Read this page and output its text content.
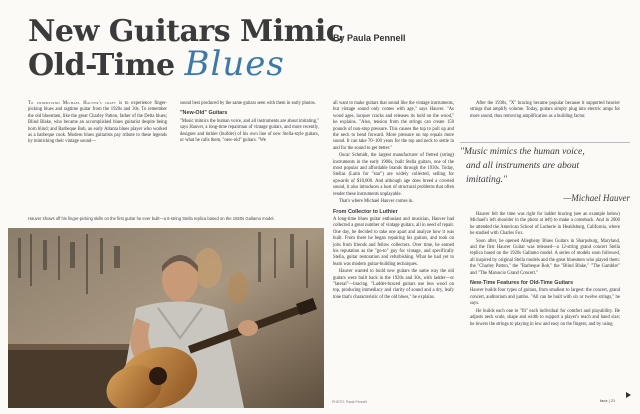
New Guitars Mimic
Old-Time Blues
By Paula Pennell

To understand Michael Hauver's craft is to experience finger-picking blues and ragtime guitar from the 1920s and 30s. To remember the old bluesmen, like the great Charley Patton, father of the Delta blues; Blind Blake, who became an accomplished blues guitarist despite being born blind; and Barbeque Bob, an early Atlanta blues player who worked as a barbeque cook. Modern blues guitarists pay tribute to these legends by mimicking their vintage sound—

sound best produced by the same guitars seen with them in early photos.

"New-Old" Guitars

"Music mimics the human voice, and all instruments are about imitating," says Hauver, a long-time repairman of vintage guitars, and more recently, designer and luthier (builder) of his own line of new Stella-style guitars, or what he calls them, "new-old" guitars. "We

Hauver shows off his finger-picking skills on the first guitar he ever built—a 6-string Stella replica based on the 1920s Gallamo model.

all want to make guitars that sound like the vintage instruments, but vintage sound only comes with age," says Hauver. "As wood ages, lacquer cracks and releases its hold on the wood," he explains. "Also, tension from the strings can create 150 pounds of non-stop pressure. This causes the top to pull up and the neck to bend forward. More pressure on top equals more sound. It can take 70–100 years for the top and neck to settle in and for the sound to get better."

Oscar Schmidt, the largest manufacturer of fretted (string) instruments in the early 1900s, built Stella guitars, one of the most popular and affordable brands through the 1930s. Today, Stellas (Latin for "star") are widely collected, selling for upwards of $10,000. And although age does breed a coveted sound, it also introduces a host of structural problems that often render these instruments unplayable.

That's where Michael Hauver comes in.

From Collector to Luthier

A long-time blues guitar enthusiast and musician, Hauver had collected a great number of vintage guitars, all in need of repair. One day, he decided to take one apart and analyze how it was built. From there he began repairing his guitars, and took on jobs from friends and fellow collectors. Over time, he earned his reputation as the "go-to" guy for vintage, and specifically Stella, guitar restoration and refurbishing. What he had yet to learn was modern guitar-building techniques.

Hauver wanted to build new guitars the same way the old guitars were built back in the 1920s and 30s, with ladder—or "lateral"—bracing. "Ladder-braced guitars use less wood on top, producing immediacy and clarity of sound and a dry, leafy tone that's characteristic of the old blues," he explains.

After the 1930s, "X" bracing became popular because it supported heavier strings that amplify volume. Today, guitars simply plug into electric amps for more sound, thus removing amplification as a building factor.

"Music mimics the human voice,
and all instruments are about
imitating."
—Michael Hauver

Hauver felt the time was right for ladder bracing (see an example below) Michael's left shoulder in the photo at left) to make a comeback. And in 2000 he attended the American School of Lutherie in Healdsburg, California, where he studied with Charles Fox.

Soon after, he opened Allegheny Blues Guitars in Sharpsburg, Maryland, and the first Hauver Guitar was released—a 12-string grand concert Stella replica based on the 1920s Gallamo model. A series of models soon followed, all inspired by original Stella models and the great bluesmen who played them: the "Charley Patton," the "Barbeque Bob," the "Blind Blake," "The Gambler" and "The Marsucio Grand Concert."

New-Time Features for Old-Time Guitars

Hauver builds four types of guitars, from smallest to largest: the concert, grand concert, auditorium and jumbo. "All can be built with six or twelve strings," he says.

He builds each one to "fit" each individual for comfort and playability. He adjusts neck scale, shape and width to support a player's reach and hand size; he lowers the strings to playing in low and easy on the fingers; and by using

PHOTO: Paula Pennell	face | 21
